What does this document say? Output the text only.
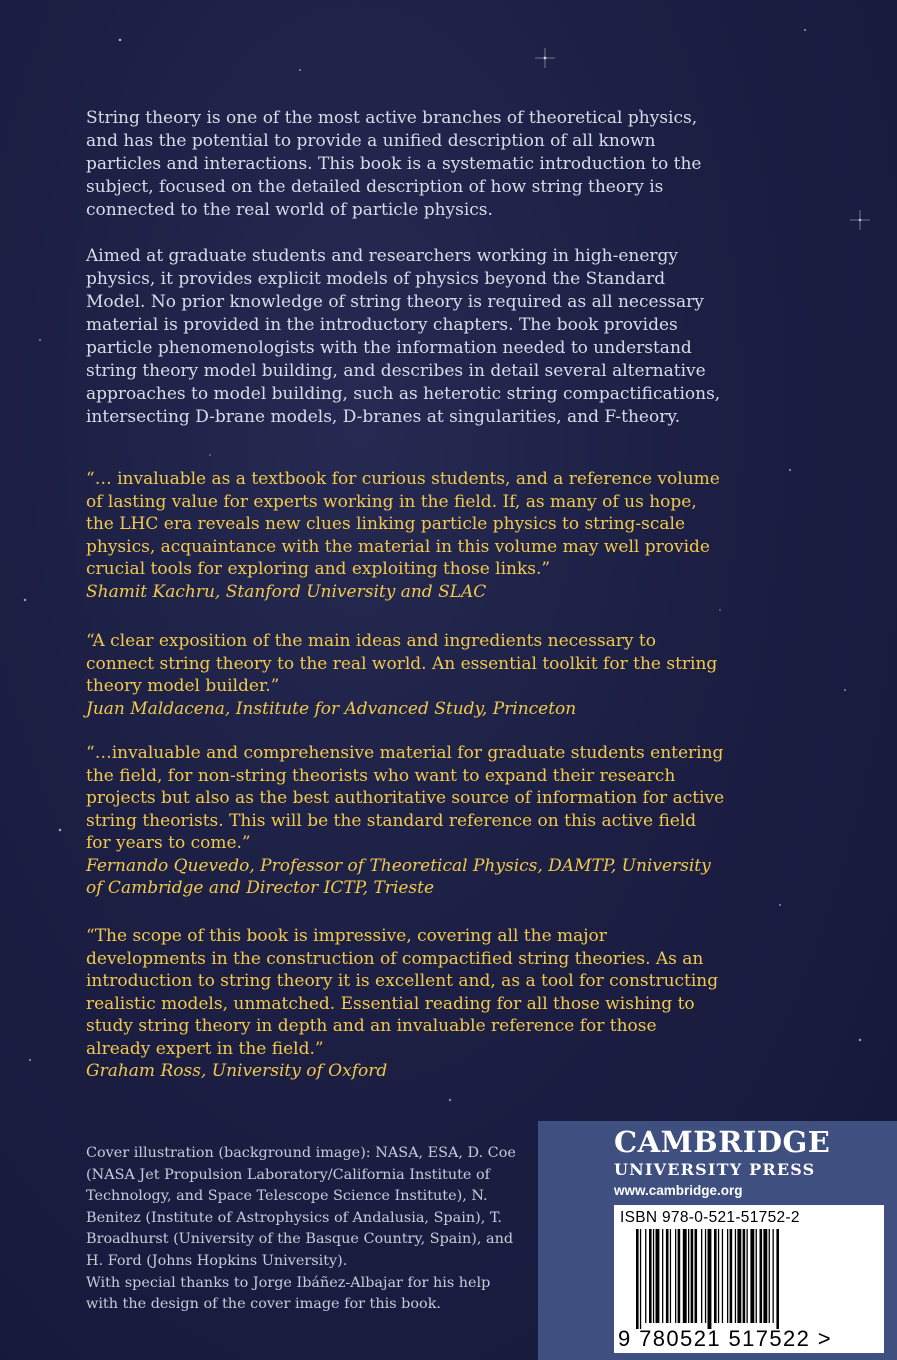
String theory is one of the most active branches of theoretical physics, and has the potential to provide a unified description of all known particles and interactions. This book is a systematic introduction to the subject, focused on the detailed description of how string theory is connected to the real world of particle physics.

Aimed at graduate students and researchers working in high-energy physics, it provides explicit models of physics beyond the Standard Model. No prior knowledge of string theory is required as all necessary material is provided in the introductory chapters. The book provides particle phenomenologists with the information needed to understand string theory model building, and describes in detail several alternative approaches to model building, such as heterotic string compactifications, intersecting D-brane models, D-branes at singularities, and F-theory.

“… invaluable as a textbook for curious students, and a reference volume of lasting value for experts working in the field. If, as many of us hope, the LHC era reveals new clues linking particle physics to string-scale physics, acquaintance with the material in this volume may well provide crucial tools for exploring and exploiting those links.”

Shamit Kachru, Stanford University and SLAC

“A clear exposition of the main ideas and ingredients necessary to connect string theory to the real world. An essential toolkit for the string theory model builder.”

Juan Maldacena, Institute for Advanced Study, Princeton

“…invaluable and comprehensive material for graduate students entering the field, for non-string theorists who want to expand their research projects but also as the best authoritative source of information for active string theorists. This will be the standard reference on this active field for years to come.”

Fernando Quevedo, Professor of Theoretical Physics, DAMTP, University of Cambridge and Director ICTP, Trieste

“The scope of this book is impressive, covering all the major developments in the construction of compactified string theories. As an introduction to string theory it is excellent and, as a tool for constructing realistic models, unmatched. Essential reading for all those wishing to study string theory in depth and an invaluable reference for those already expert in the field.”

Graham Ross, University of Oxford

Cover illustration (background image): NASA, ESA, D. Coe (NASA Jet Propulsion Laboratory/California Institute of Technology, and Space Telescope Science Institute), N. Benitez (Institute of Astrophysics of Andalusia, Spain), T. Broadhurst (University of the Basque Country, Spain), and H. Ford (Johns Hopkins University).

With special thanks to Jorge Ibáñez-Albajar for his help with the design of the cover image for this book.

CAMBRIDGE
UNIVERSITY PRESS
www.cambridge.org
ISBN 978-0-521-51752-2
9 780521 517522 >
